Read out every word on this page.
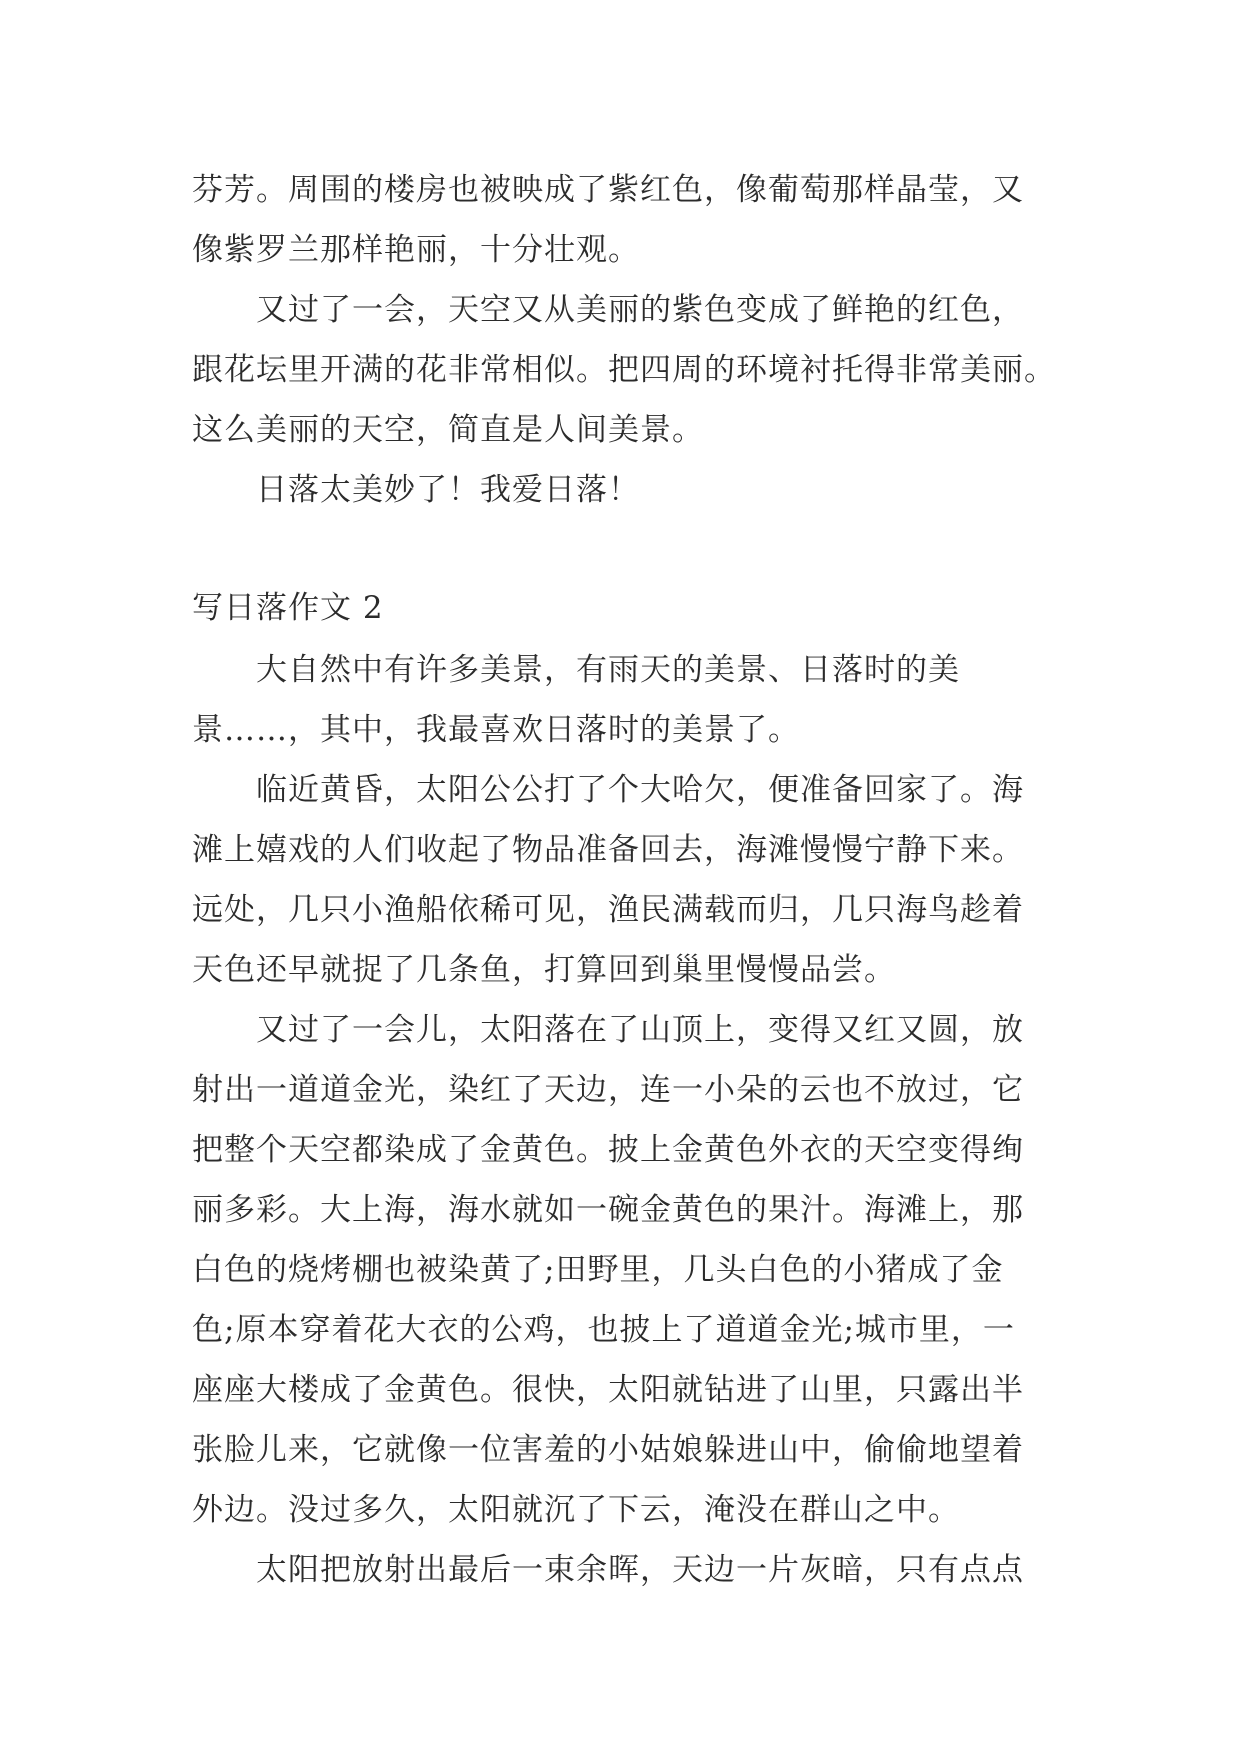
芬芳。周围的楼房也被映成了紫红色，像葡萄那样晶莹，又
像紫罗兰那样艳丽，十分壮观。
又过了一会，天空又从美丽的紫色变成了鲜艳的红色，
跟花坛里开满的花非常相似。把四周的环境衬托得非常美丽。
这么美丽的天空，简直是人间美景。
日落太美妙了！我爱日落！
写日落作文 2
大自然中有许多美景，有雨天的美景、日落时的美
景……，其中，我最喜欢日落时的美景了。
临近黄昏，太阳公公打了个大哈欠，便准备回家了。海
滩上嬉戏的人们收起了物品准备回去，海滩慢慢宁静下来。
远处，几只小渔船依稀可见，渔民满载而归，几只海鸟趁着
天色还早就捉了几条鱼，打算回到巢里慢慢品尝。
又过了一会儿，太阳落在了山顶上，变得又红又圆，放
射出一道道金光，染红了天边，连一小朵的云也不放过，它
把整个天空都染成了金黄色。披上金黄色外衣的天空变得绚
丽多彩。大上海，海水就如一碗金黄色的果汁。海滩上，那
白色的烧烤棚也被染黄了;田野里，几头白色的小猪成了金
色;原本穿着花大衣的公鸡，也披上了道道金光;城市里，一
座座大楼成了金黄色。很快，太阳就钻进了山里，只露出半
张脸儿来，它就像一位害羞的小姑娘躲进山中，偷偷地望着
外边。没过多久，太阳就沉了下云，淹没在群山之中。
太阳把放射出最后一束余晖，天边一片灰暗，只有点点
